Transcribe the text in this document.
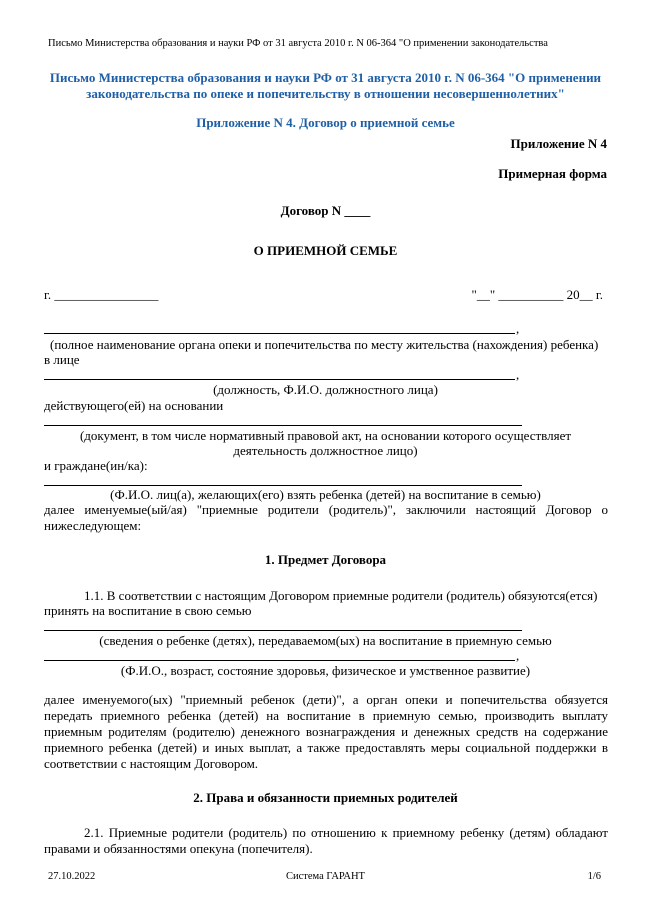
Письмо Министерства образования и науки РФ от 31 августа 2010 г. N 06-364 "О применении законодательства
Письмо Министерства образования и науки РФ от 31 августа 2010 г. N 06-364 "О применении законодательства по опеке и попечительству в отношении несовершеннолетних"
Приложение N 4. Договор о приемной семье
Приложение N 4
Примерная форма
Договор N ____
О ПРИЕМНОЙ СЕМЬЕ
г. ________________	"__" __________ 20__ г.
,
(полное наименование органа опеки и попечительства по месту жительства (нахождения) ребенка)
в лице
,
(должность, Ф.И.О. должностного лица)
действующего(ей) на основании
(документ, в том числе нормативный правовой акт, на основании которого осуществляет
деятельность должностное лицо)
и граждане(ин/ка):
(Ф.И.О. лиц(а), желающих(его) взять ребенка (детей) на воспитание в семью)
далее именуемые(ый/ая) "приемные родители (родитель)", заключили настоящий Договор о нижеследующем:
1. Предмет Договора
1.1. В соответствии с настоящим Договором приемные родители (родитель) обязуются(ется)
принять на воспитание в свою семью
(сведения о ребенке (детях), передаваемом(ых) на воспитание в приемную семью
,
(Ф.И.О., возраст, состояние здоровья, физическое и умственное развитие)
далее именуемого(ых) "приемный ребенок (дети)", а орган опеки и попечительства обязуется передать приемного ребенка (детей) на воспитание в приемную семью, производить выплату приемным родителям (родителю) денежного вознаграждения и денежных средств на содержание приемного ребенка (детей) и иных выплат, а также предоставлять меры социальной поддержки в соответствии с настоящим Договором.
2. Права и обязанности приемных родителей
2.1. Приемные родители (родитель) по отношению к приемному ребенку (детям) обладают правами и обязанностями опекуна (попечителя).
27.10.2022	Система ГАРАНТ	1/6
